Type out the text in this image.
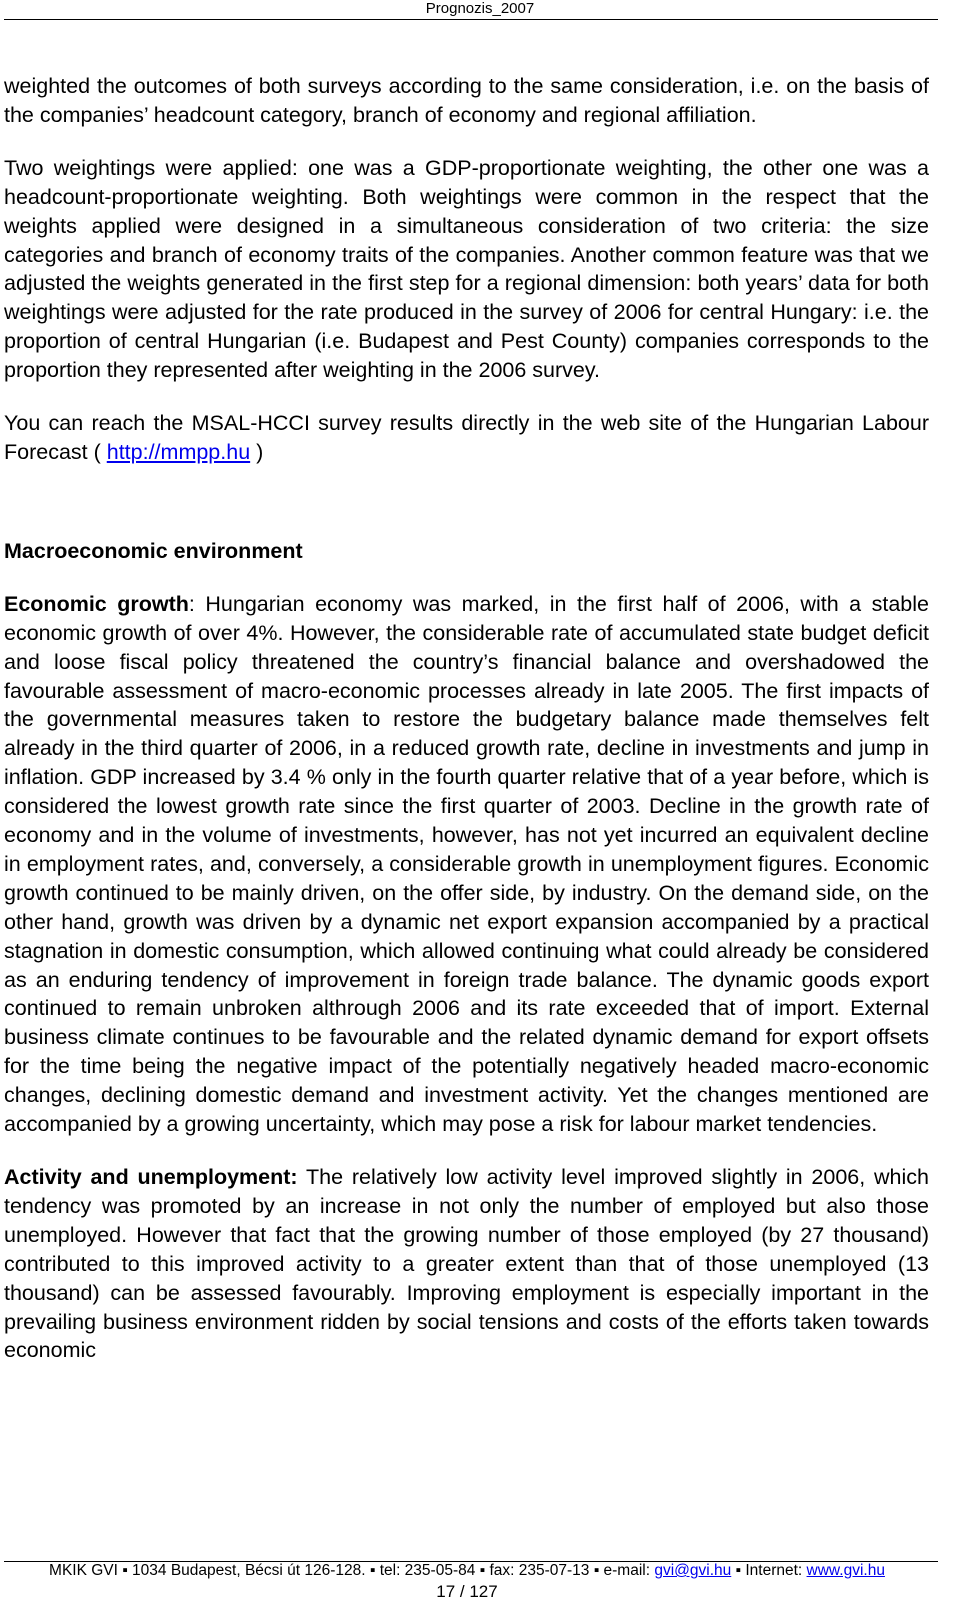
Prognozis_2007

weighted the outcomes of both surveys according to the same consideration, i.e. on the basis of the companies’ headcount category, branch of economy and regional affiliation.

Two weightings were applied: one was a GDP-proportionate weighting, the other one was a headcount-proportionate weighting. Both weightings were common in the respect that the weights applied were designed in a simultaneous consideration of two criteria: the size categories and branch of economy traits of the companies. Another common feature was that we adjusted the weights generated in the first step for a regional dimension: both years’ data for both weightings were adjusted for the rate produced in the survey of 2006 for central Hungary: i.e. the proportion of central Hungarian (i.e. Budapest and Pest County) companies corresponds to the proportion they represented after weighting in the 2006 survey.

You can reach the MSAL-HCCI survey results directly in the web site of the Hungarian Labour Forecast ( http://mmpp.hu )

Macroeconomic environment

Economic growth: Hungarian economy was marked, in the first half of 2006, with a stable economic growth of over 4%. However, the considerable rate of accumulated state budget deficit and loose fiscal policy threatened the country’s financial balance and overshadowed the favourable assessment of macro-economic processes already in late 2005. The first impacts of the governmental measures taken to restore the budgetary balance made themselves felt already in the third quarter of 2006, in a reduced growth rate, decline in investments and jump in inflation. GDP increased by 3.4 % only in the fourth quarter relative that of a year before, which is considered the lowest growth rate since the first quarter of 2003. Decline in the growth rate of economy and in the volume of investments, however, has not yet incurred an equivalent decline in employment rates, and, conversely, a considerable growth in unemployment figures. Economic growth continued to be mainly driven, on the offer side, by industry. On the demand side, on the other hand, growth was driven by a dynamic net export expansion accompanied by a practical stagnation in domestic consumption, which allowed continuing what could already be considered as an enduring tendency of improvement in foreign trade balance. The dynamic goods export continued to remain unbroken althrough 2006 and its rate exceeded that of import. External business climate continues to be favourable and the related dynamic demand for export offsets for the time being the negative impact of the potentially negatively headed macro-economic changes, declining domestic demand and investment activity. Yet the changes mentioned are accompanied by a growing uncertainty, which may pose a risk for labour market tendencies.

Activity and unemployment: The relatively low activity level improved slightly in 2006, which tendency was promoted by an increase in not only the number of employed but also those unemployed. However that fact that the growing number of those employed (by 27 thousand) contributed to this improved activity to a greater extent than that of those unemployed (13 thousand) can be assessed favourably. Improving employment is especially important in the prevailing business environment ridden by social tensions and costs of the efforts taken towards economic

MKIK GVI ▪ 1034 Budapest, Bécsi út 126-128. ▪ tel: 235-05-84 ▪ fax: 235-07-13 ▪ e-mail: gvi@gvi.hu ▪ Internet: www.gvi.hu
17 / 127
